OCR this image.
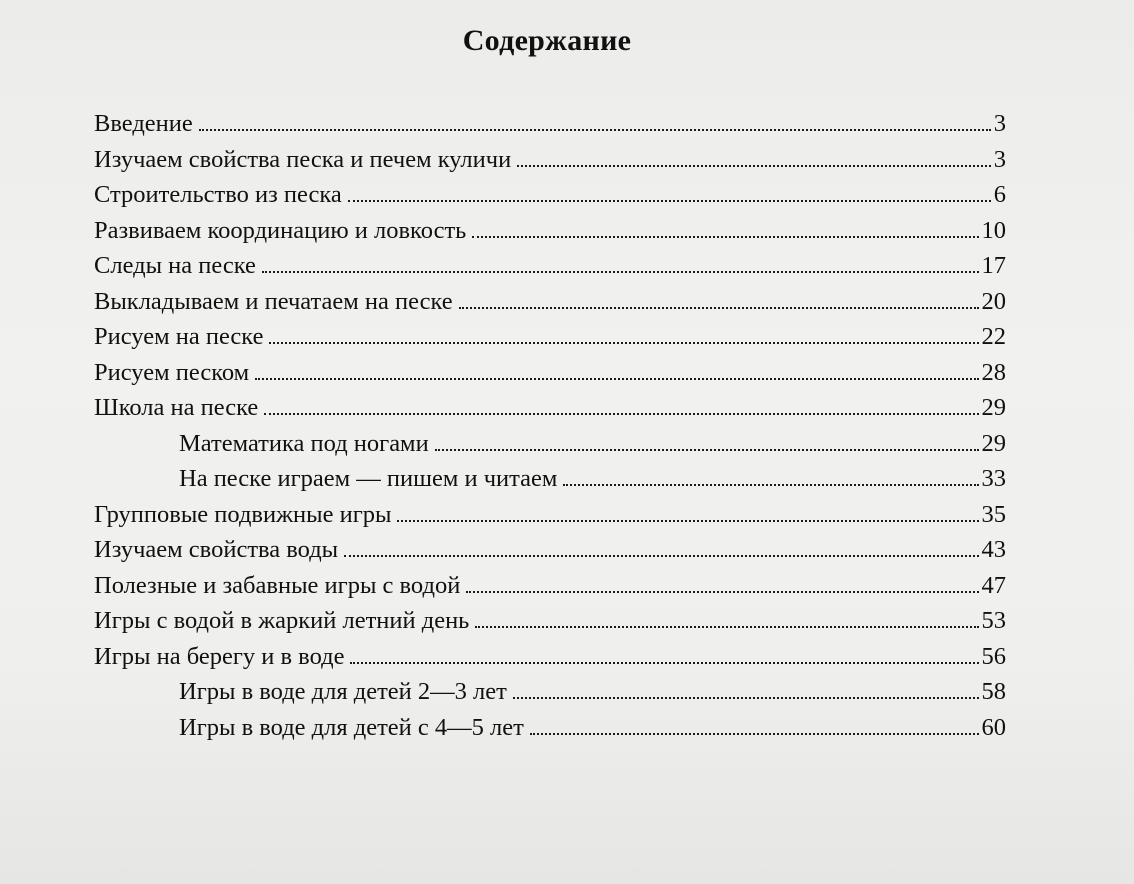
Содержание
Введение	3
Изучаем свойства песка и печем куличи	3
Строительство из песка	6
Развиваем координацию и ловкость	10
Следы на песке	17
Выкладываем и печатаем на песке	20
Рисуем на песке	22
Рисуем песком	28
Школа на песке	29
Математика под ногами	29
На песке играем — пишем и читаем	33
Групповые подвижные игры	35
Изучаем свойства воды	43
Полезные и забавные игры с водой	47
Игры с водой в жаркий летний день	53
Игры на берегу и в воде	56
Игры в воде для детей 2—3 лет	58
Игры в воде для детей с 4—5 лет	60
